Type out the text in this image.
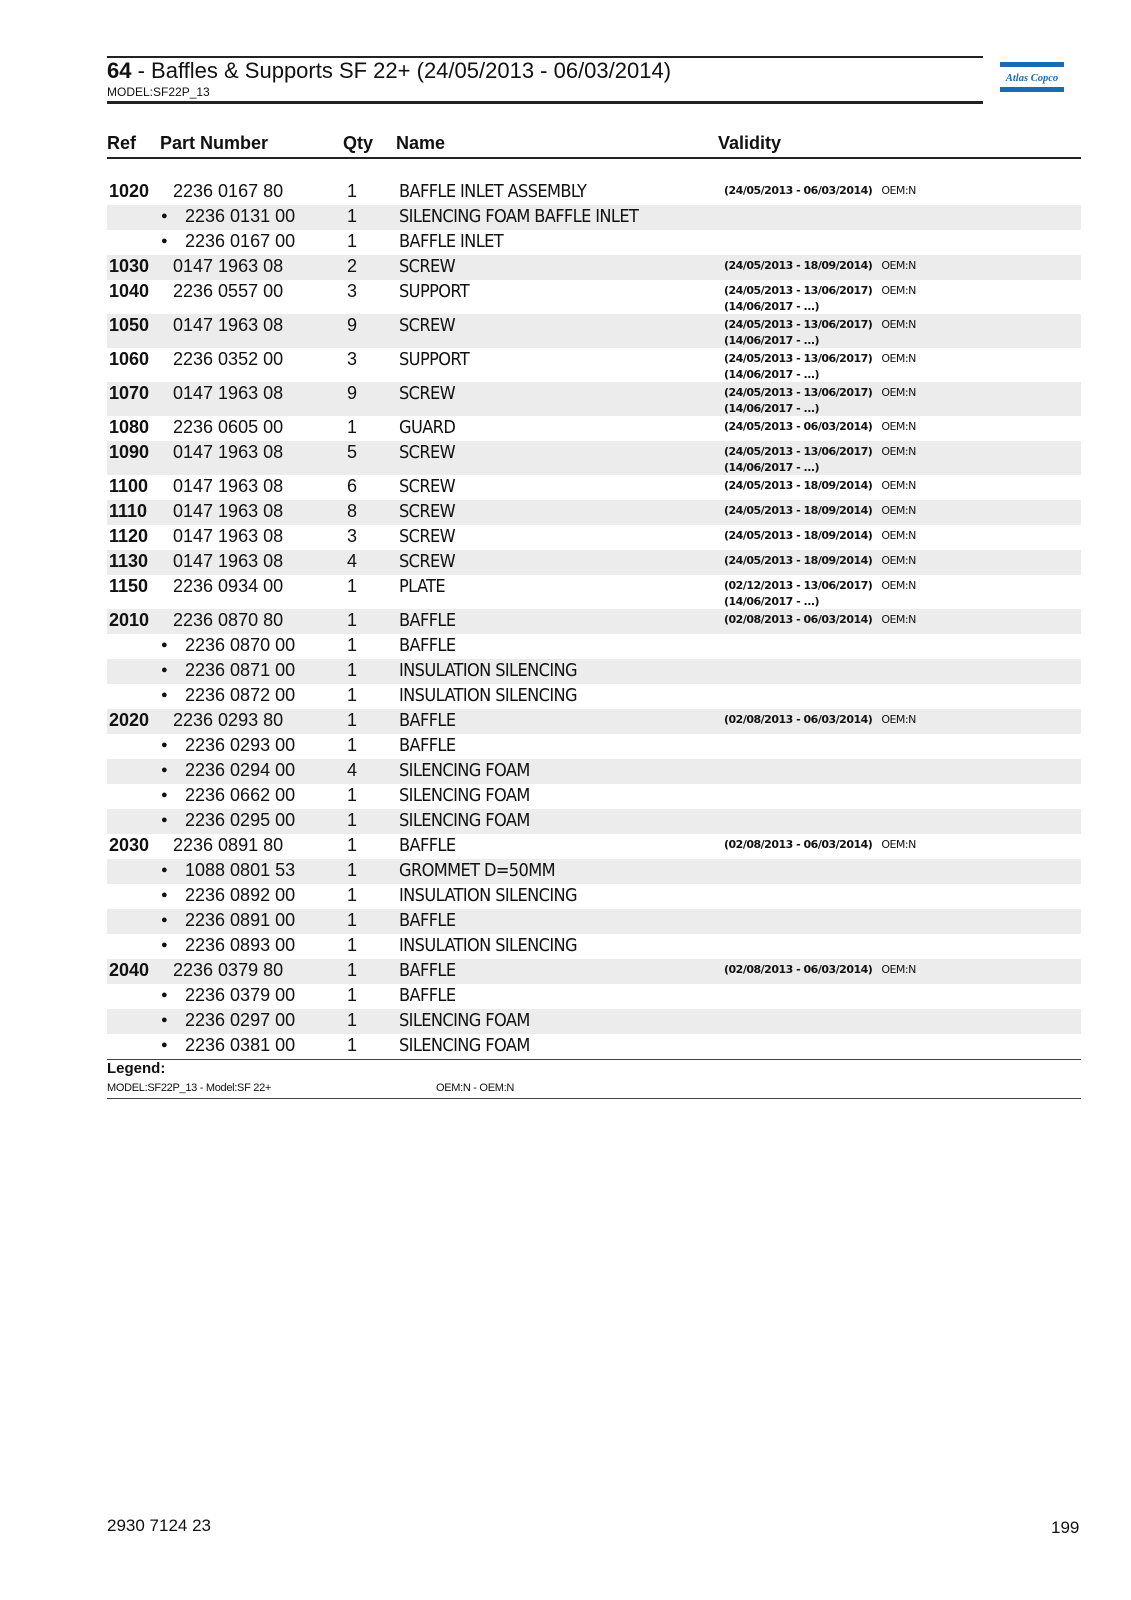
64 - Baffles & Supports SF 22+ (24/05/2013 - 06/03/2014)
MODEL:SF22P_13
Atlas Copco
Ref Part Number	Qty Name	Validity
1020 2236 0167 80	1 BAFFLE INLET ASSEMBLY	(24/05/2013 - 06/03/2014) OEM:N
● 2236 0131 00	1 SILENCING FOAM BAFFLE INLET
● 2236 0167 00	1 BAFFLE INLET
1030 0147 1963 08	2 SCREW	(24/05/2013 - 18/09/2014) OEM:N
1040 2236 0557 00	3 SUPPORT	(24/05/2013 - 13/06/2017) OEM:N
(14/06/2017 - ...)
1050 0147 1963 08	9 SCREW	(24/05/2013 - 13/06/2017) OEM:N
(14/06/2017 - ...)
1060 2236 0352 00	3 SUPPORT	(24/05/2013 - 13/06/2017) OEM:N
(14/06/2017 - ...)
1070 0147 1963 08	9 SCREW	(24/05/2013 - 13/06/2017) OEM:N
(14/06/2017 - ...)
1080 2236 0605 00	1 GUARD	(24/05/2013 - 06/03/2014) OEM:N
1090 0147 1963 08	5 SCREW	(24/05/2013 - 13/06/2017) OEM:N
(14/06/2017 - ...)
1100 0147 1963 08	6 SCREW	(24/05/2013 - 18/09/2014) OEM:N
1110 0147 1963 08	8 SCREW	(24/05/2013 - 18/09/2014) OEM:N
1120 0147 1963 08	3 SCREW	(24/05/2013 - 18/09/2014) OEM:N
1130 0147 1963 08	4 SCREW	(24/05/2013 - 18/09/2014) OEM:N
1150 2236 0934 00	1 PLATE	(02/12/2013 - 13/06/2017) OEM:N
(14/06/2017 - ...)
2010 2236 0870 80	1 BAFFLE	(02/08/2013 - 06/03/2014) OEM:N
● 2236 0870 00	1 BAFFLE
● 2236 0871 00	1 INSULATION SILENCING
● 2236 0872 00	1 INSULATION SILENCING
2020 2236 0293 80	1 BAFFLE	(02/08/2013 - 06/03/2014) OEM:N
● 2236 0293 00	1 BAFFLE
● 2236 0294 00	4 SILENCING FOAM
● 2236 0662 00	1 SILENCING FOAM
● 2236 0295 00	1 SILENCING FOAM
2030 2236 0891 80	1 BAFFLE	(02/08/2013 - 06/03/2014) OEM:N
● 1088 0801 53	1 GROMMET D=50MM
● 2236 0892 00	1 INSULATION SILENCING
● 2236 0891 00	1 BAFFLE
● 2236 0893 00	1 INSULATION SILENCING
2040 2236 0379 80	1 BAFFLE	(02/08/2013 - 06/03/2014) OEM:N
● 2236 0379 00	1 BAFFLE
● 2236 0297 00	1 SILENCING FOAM
● 2236 0381 00	1 SILENCING FOAM
Legend:
MODEL:SF22P_13 - Model:SF 22+	OEM:N - OEM:N
2930 7124 23	199
